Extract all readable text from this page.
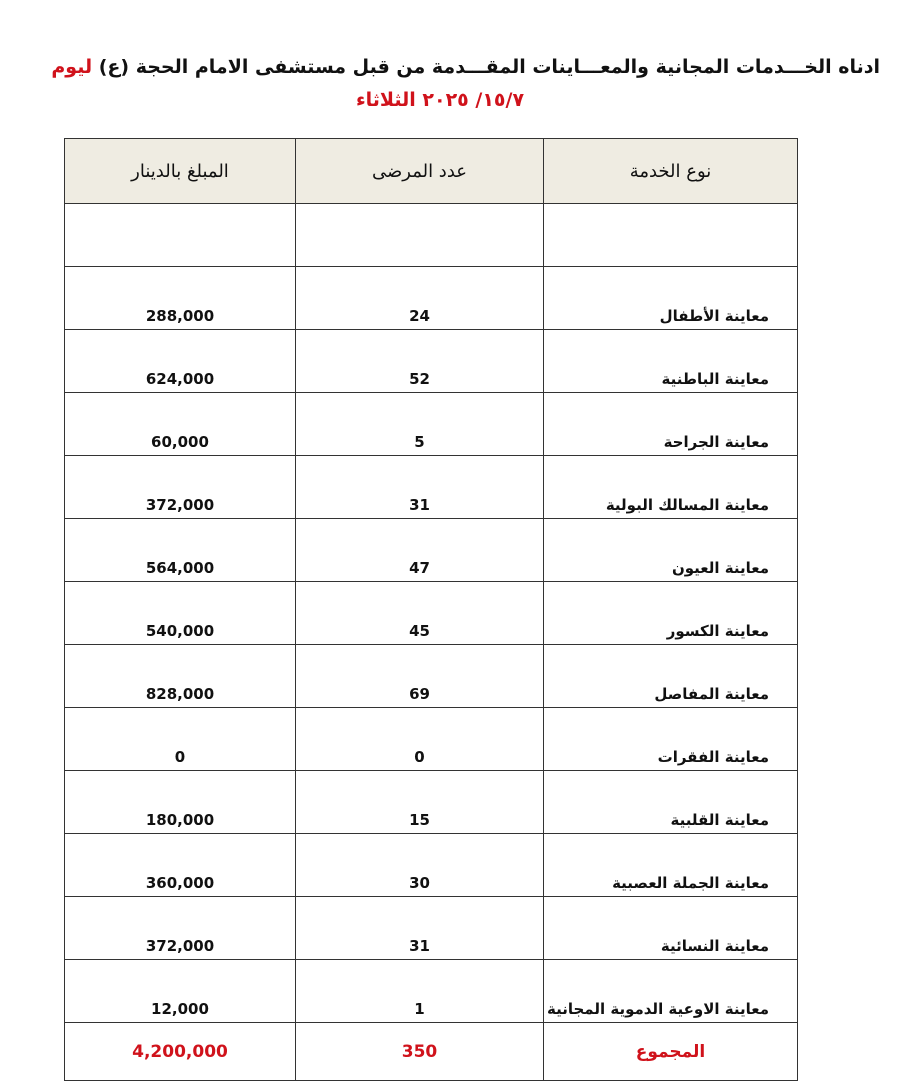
ادناه الخـــدمات المجانية والمعـــاينات المقـــدمة من قبل مستشفى الامام الحجة (ع) ليوم
١٥/٧/ ٢٠٢٥ الثلاثاء
نوع الخدمة	عدد المرضى	المبلغ بالدينار

معاينة الأطفال	24	288,000
معاينة الباطنية	52	624,000
معاينة الجراحة	5	60,000
معاينة المسالك البولية	31	372,000
معاينة العيون	47	564,000
معاينة الكسور	45	540,000
معاينة المفاصل	69	828,000
معاينة الفقرات	0	0
معاينة القلبية	15	180,000
معاينة الجملة العصبية	30	360,000
معاينة النسائية	31	372,000
معاينة الاوعية الدموية المجانية	1	12,000
المجموع	350	4,200,000
